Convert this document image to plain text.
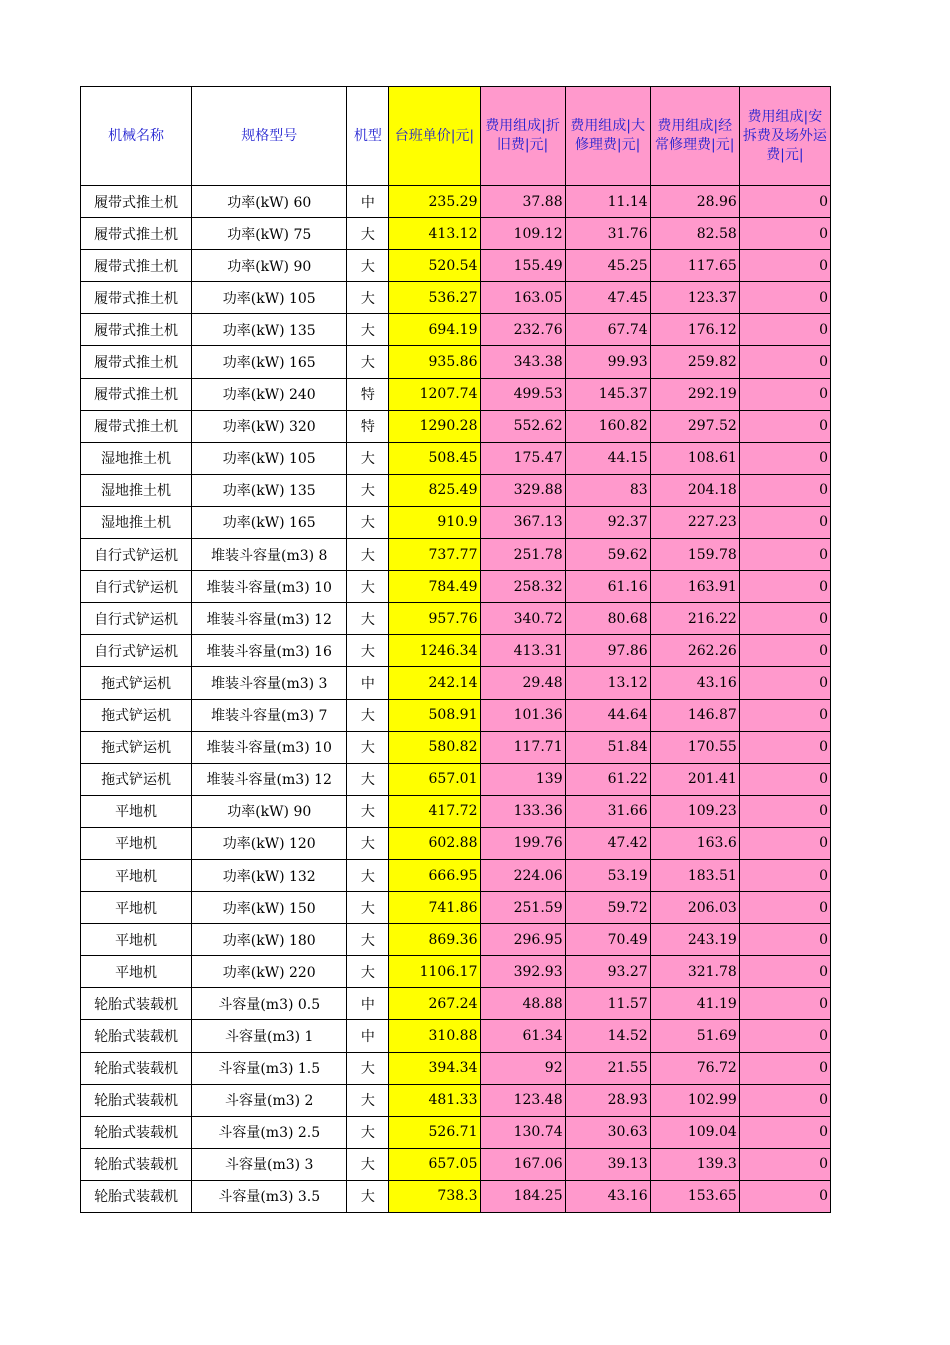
机械名称	规格型号	机型	台班单价|元|	费用组成|折旧费|元|	费用组成|大修理费|元|	费用组成|经常修理费|元|	费用组成|安拆费及场外运费|元|
履带式推土机	功率(kW) 60	中	235.29	37.88	11.14	28.96	0
履带式推土机	功率(kW) 75	大	413.12	109.12	31.76	82.58	0
履带式推土机	功率(kW) 90	大	520.54	155.49	45.25	117.65	0
履带式推土机	功率(kW) 105	大	536.27	163.05	47.45	123.37	0
履带式推土机	功率(kW) 135	大	694.19	232.76	67.74	176.12	0
履带式推土机	功率(kW) 165	大	935.86	343.38	99.93	259.82	0
履带式推土机	功率(kW) 240	特	1207.74	499.53	145.37	292.19	0
履带式推土机	功率(kW) 320	特	1290.28	552.62	160.82	297.52	0
湿地推土机	功率(kW) 105	大	508.45	175.47	44.15	108.61	0
湿地推土机	功率(kW) 135	大	825.49	329.88	83	204.18	0
湿地推土机	功率(kW) 165	大	910.9	367.13	92.37	227.23	0
自行式铲运机	堆装斗容量(m3) 8	大	737.77	251.78	59.62	159.78	0
自行式铲运机	堆装斗容量(m3) 10	大	784.49	258.32	61.16	163.91	0
自行式铲运机	堆装斗容量(m3) 12	大	957.76	340.72	80.68	216.22	0
自行式铲运机	堆装斗容量(m3) 16	大	1246.34	413.31	97.86	262.26	0
拖式铲运机	堆装斗容量(m3) 3	中	242.14	29.48	13.12	43.16	0
拖式铲运机	堆装斗容量(m3) 7	大	508.91	101.36	44.64	146.87	0
拖式铲运机	堆装斗容量(m3) 10	大	580.82	117.71	51.84	170.55	0
拖式铲运机	堆装斗容量(m3) 12	大	657.01	139	61.22	201.41	0
平地机	功率(kW) 90	大	417.72	133.36	31.66	109.23	0
平地机	功率(kW) 120	大	602.88	199.76	47.42	163.6	0
平地机	功率(kW) 132	大	666.95	224.06	53.19	183.51	0
平地机	功率(kW) 150	大	741.86	251.59	59.72	206.03	0
平地机	功率(kW) 180	大	869.36	296.95	70.49	243.19	0
平地机	功率(kW) 220	大	1106.17	392.93	93.27	321.78	0
轮胎式装载机	斗容量(m3) 0.5	中	267.24	48.88	11.57	41.19	0
轮胎式装载机	斗容量(m3) 1	中	310.88	61.34	14.52	51.69	0
轮胎式装载机	斗容量(m3) 1.5	大	394.34	92	21.55	76.72	0
轮胎式装载机	斗容量(m3) 2	大	481.33	123.48	28.93	102.99	0
轮胎式装载机	斗容量(m3) 2.5	大	526.71	130.74	30.63	109.04	0
轮胎式装载机	斗容量(m3) 3	大	657.05	167.06	39.13	139.3	0
轮胎式装载机	斗容量(m3) 3.5	大	738.3	184.25	43.16	153.65	0
